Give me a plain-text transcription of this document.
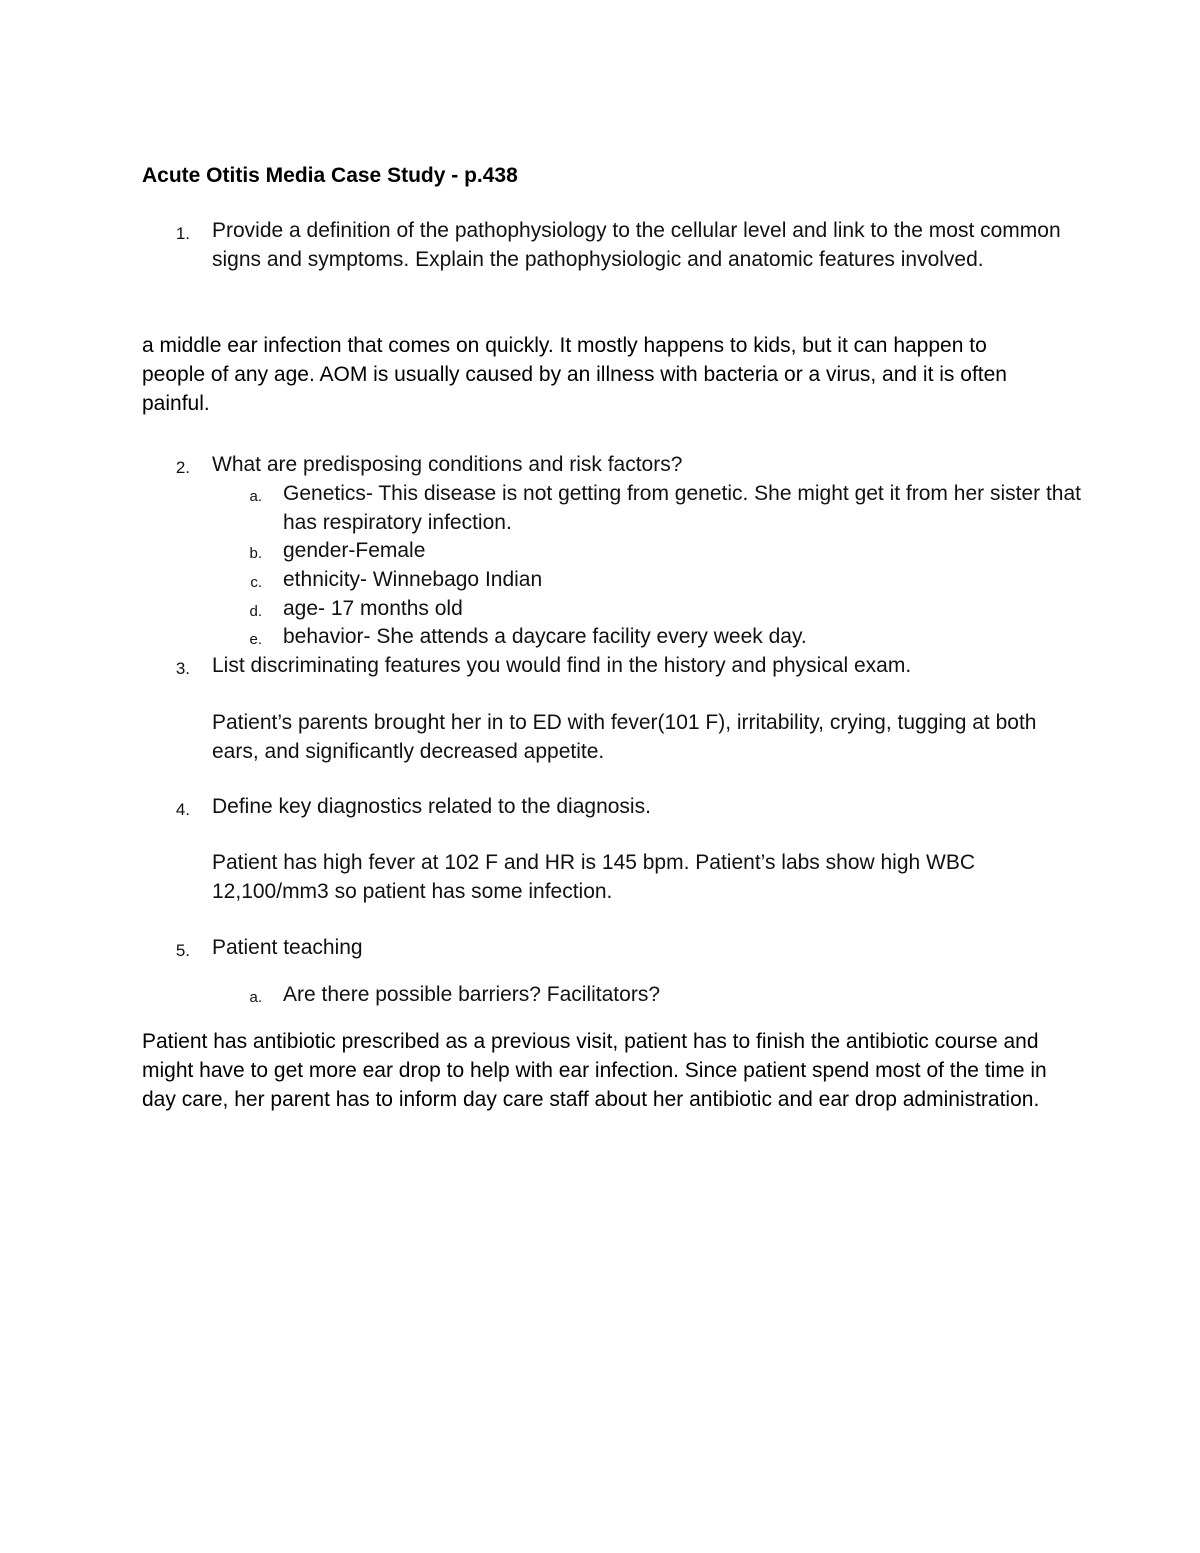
Acute Otitis Media Case Study - p.438
1. Provide a definition of the pathophysiology to the cellular level and link to the most common signs and symptoms. Explain the pathophysiologic and anatomic features involved.
a middle ear infection that comes on quickly. It mostly happens to kids, but it can happen to people of any age. AOM is usually caused by an illness with bacteria or a virus, and it is often painful.
2. What are predisposing conditions and risk factors?
a. Genetics- This disease is not getting from genetic. She might get it from her sister that has respiratory infection.
b. gender-Female
c. ethnicity- Winnebago Indian
d. age- 17 months old
e. behavior- She attends a daycare facility every week day.
3. List discriminating features you would find in the history and physical exam.
Patient’s parents brought her in to ED with fever(101 F), irritability, crying, tugging at both ears, and significantly decreased appetite.
4. Define key diagnostics related to the diagnosis.
Patient has high fever at 102 F and HR is 145 bpm. Patient’s labs show high WBC 12,100/mm3 so patient has some infection.
5. Patient teaching
a. Are there possible barriers? Facilitators?
Patient has antibiotic prescribed as a previous visit, patient has to finish the antibiotic course and might have to get more ear drop to help with ear infection. Since patient spend most of the time in day care, her parent has to inform day care staff about her antibiotic and ear drop administration.
